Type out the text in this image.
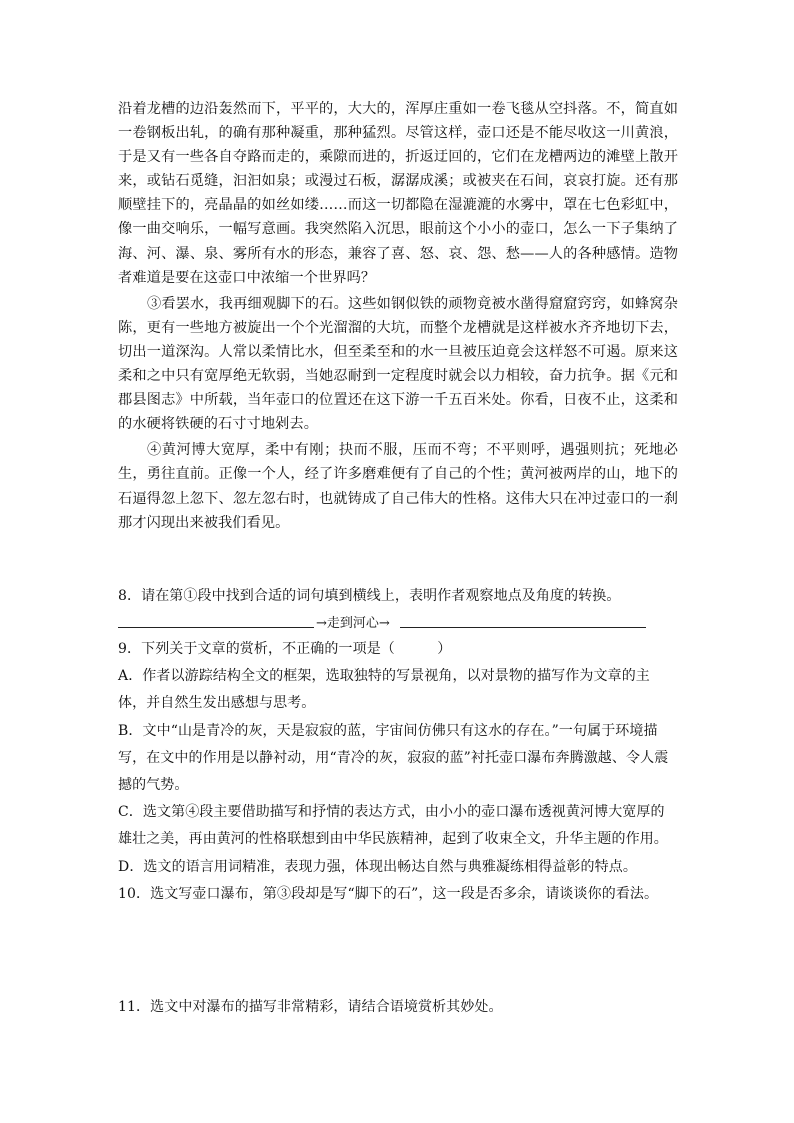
沿着龙槽的边沿轰然而下，平平的，大大的，浑厚庄重如一卷飞毯从空抖落。不，简直如一卷钢板出轧，的确有那种凝重，那种猛烈。尽管这样，壶口还是不能尽收这一川黄浪，于是又有一些各自夺路而走的，乘隙而进的，折返迂回的，它们在龙槽两边的滩壁上散开来，或钻石觅缝，汩汩如泉；或漫过石板，潺潺成溪；或被夹在石间，哀哀打旋。还有那顺壁挂下的，亮晶晶的如丝如缕……而这一切都隐在湿漉漉的水雾中，罩在七色彩虹中，像一曲交响乐，一幅写意画。我突然陷入沉思，眼前这个小小的壶口，怎么一下子集纳了海、河、瀑、泉、雾所有水的形态，兼容了喜、怒、哀、怨、愁——人的各种感情。造物者难道是要在这壶口中浓缩一个世界吗？

③看罢水，我再细观脚下的石。这些如钢似铁的顽物竟被水凿得窟窟窍窍，如蜂窝杂陈，更有一些地方被旋出一个个光溜溜的大坑，而整个龙槽就是这样被水齐齐地切下去，切出一道深沟。人常以柔情比水，但至柔至和的水一旦被压迫竟会这样怒不可遏。原来这柔和之中只有宽厚绝无软弱，当她忍耐到一定程度时就会以力相较，奋力抗争。据《元和郡县图志》中所载，当年壶口的位置还在这下游一千五百米处。你看，日夜不止，这柔和的水硬将铁硬的石寸寸地剁去。

④黄河博大宽厚，柔中有刚；抉而不服，压而不弯；不平则呼，遇强则抗；死地必生，勇往直前。正像一个人，经了许多磨难便有了自己的个性；黄河被两岸的山，地下的石逼得忽上忽下、忽左忽右时，也就铸成了自己伟大的性格。这伟大只在冲过壶口的一刹那才闪现出来被我们看见。

8．请在第①段中找到合适的词句填到横线上，表明作者观察地点及角度的转换。

→走到河心→

9．下列关于文章的赏析，不正确的一项是（　　　）

A．作者以游踪结构全文的框架，选取独特的写景视角，以对景物的描写作为文章的主体，并自然生发出感想与思考。

B．文中“山是青冷的灰，天是寂寂的蓝，宇宙间仿佛只有这水的存在。”一句属于环境描写，在文中的作用是以静衬动，用“青冷的灰，寂寂的蓝”衬托壶口瀑布奔腾激越、令人震撼的气势。

C．选文第④段主要借助描写和抒情的表达方式，由小小的壶口瀑布透视黄河博大宽厚的雄壮之美，再由黄河的性格联想到由中华民族精神，起到了收束全文，升华主题的作用。

D．选文的语言用词精准，表现力强，体现出畅达自然与典雅凝练相得益彰的特点。

10．选文写壶口瀑布，第③段却是写“脚下的石”，这一段是否多余，请谈谈你的看法。

11．选文中对瀑布的描写非常精彩，请结合语境赏析其妙处。
